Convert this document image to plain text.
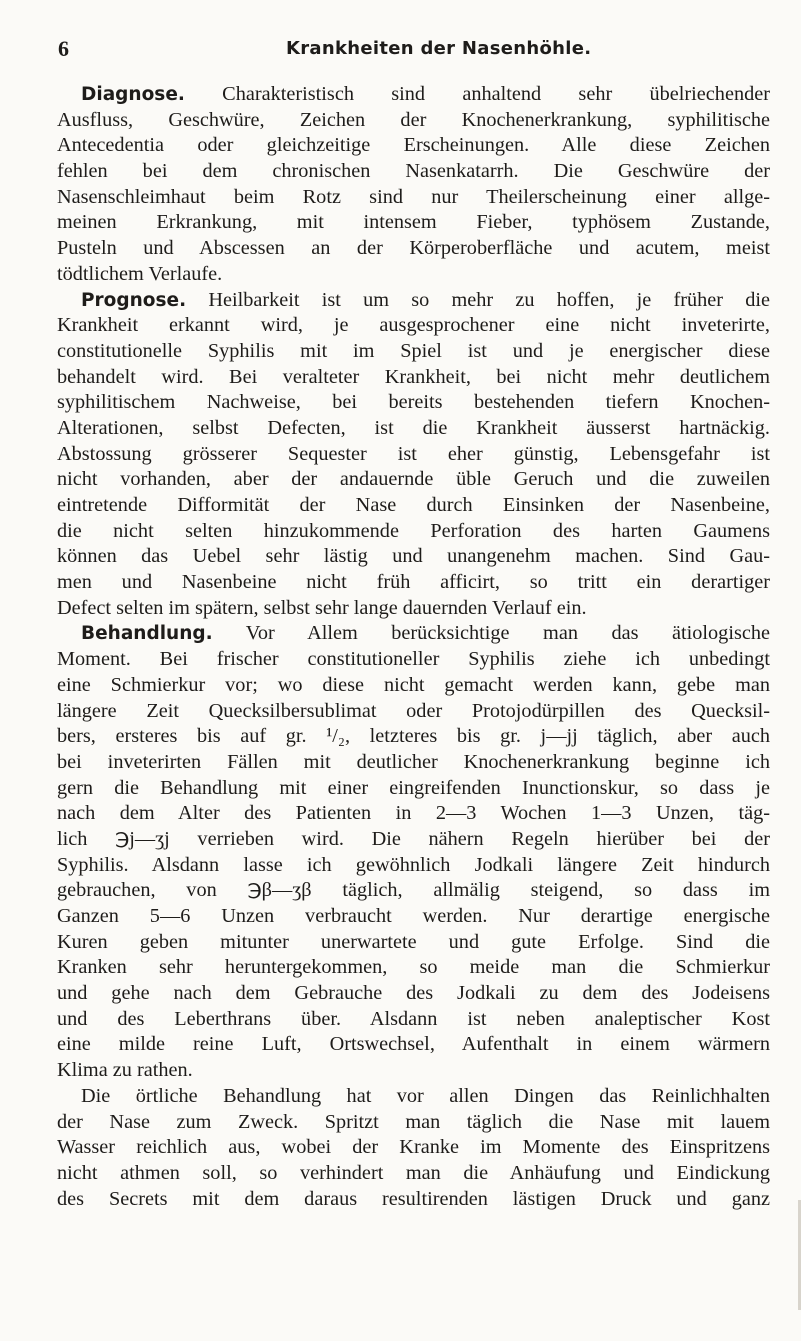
6	Krankheiten der Nasenhöhle.
Diagnose. Charakteristisch sind anhaltend sehr übelriechender
Ausfluss, Geschwüre, Zeichen der Knochenerkrankung, syphilitische
Antecedentia oder gleichzeitige Erscheinungen. Alle diese Zeichen
fehlen bei dem chronischen Nasenkatarrh. Die Geschwüre der
Nasenschleimhaut beim Rotz sind nur Theilerscheinung einer allge-
meinen Erkrankung, mit intensem Fieber, typhösem Zustande,
Pusteln und Abscessen an der Körperoberfläche und acutem, meist
tödtlichem Verlaufe.
Prognose. Heilbarkeit ist um so mehr zu hoffen, je früher die
Krankheit erkannt wird, je ausgesprochener eine nicht inveterirte,
constitutionelle Syphilis mit im Spiel ist und je energischer diese
behandelt wird. Bei veralteter Krankheit, bei nicht mehr deutlichem
syphilitischem Nachweise, bei bereits bestehenden tiefern Knochen-
Alterationen, selbst Defecten, ist die Krankheit äusserst hartnäckig.
Abstossung grösserer Sequester ist eher günstig, Lebensgefahr ist
nicht vorhanden, aber der andauernde üble Geruch und die zuweilen
eintretende Difformität der Nase durch Einsinken der Nasenbeine,
die nicht selten hinzukommende Perforation des harten Gaumens
können das Uebel sehr lästig und unangenehm machen. Sind Gau-
men und Nasenbeine nicht früh afficirt, so tritt ein derartiger
Defect selten im spätern, selbst sehr lange dauernden Verlauf ein.
Behandlung. Vor Allem berücksichtige man das ätiologische
Moment. Bei frischer constitutioneller Syphilis ziehe ich unbedingt
eine Schmierkur vor; wo diese nicht gemacht werden kann, gebe man
längere Zeit Quecksilbersublimat oder Protojodürpillen des Quecksil-
bers, ersteres bis auf gr. ¹/₂, letzteres bis gr. j—jj täglich, aber auch
bei inveterirten Fällen mit deutlicher Knochenerkrankung beginne ich
gern die Behandlung mit einer eingreifenden Inunctionskur, so dass je
nach dem Alter des Patienten in 2—3 Wochen 1—3 Unzen, täg-
lich ℈j—ʒj verrieben wird. Die nähern Regeln hierüber bei der
Syphilis. Alsdann lasse ich gewöhnlich Jodkali längere Zeit hindurch
gebrauchen, von ℈β—ʒβ täglich, allmälig steigend, so dass im
Ganzen 5—6 Unzen verbraucht werden. Nur derartige energische
Kuren geben mitunter unerwartete und gute Erfolge. Sind die
Kranken sehr heruntergekommen, so meide man die Schmierkur
und gehe nach dem Gebrauche des Jodkali zu dem des Jodeisens
und des Leberthrans über. Alsdann ist neben analeptischer Kost
eine milde reine Luft, Ortswechsel, Aufenthalt in einem wärmern
Klima zu rathen.
Die örtliche Behandlung hat vor allen Dingen das Reinlichhalten
der Nase zum Zweck. Spritzt man täglich die Nase mit lauem
Wasser reichlich aus, wobei der Kranke im Momente des Einspritzens
nicht athmen soll, so verhindert man die Anhäufung und Eindickung
des Secrets mit dem daraus resultirenden lästigen Druck und ganz
